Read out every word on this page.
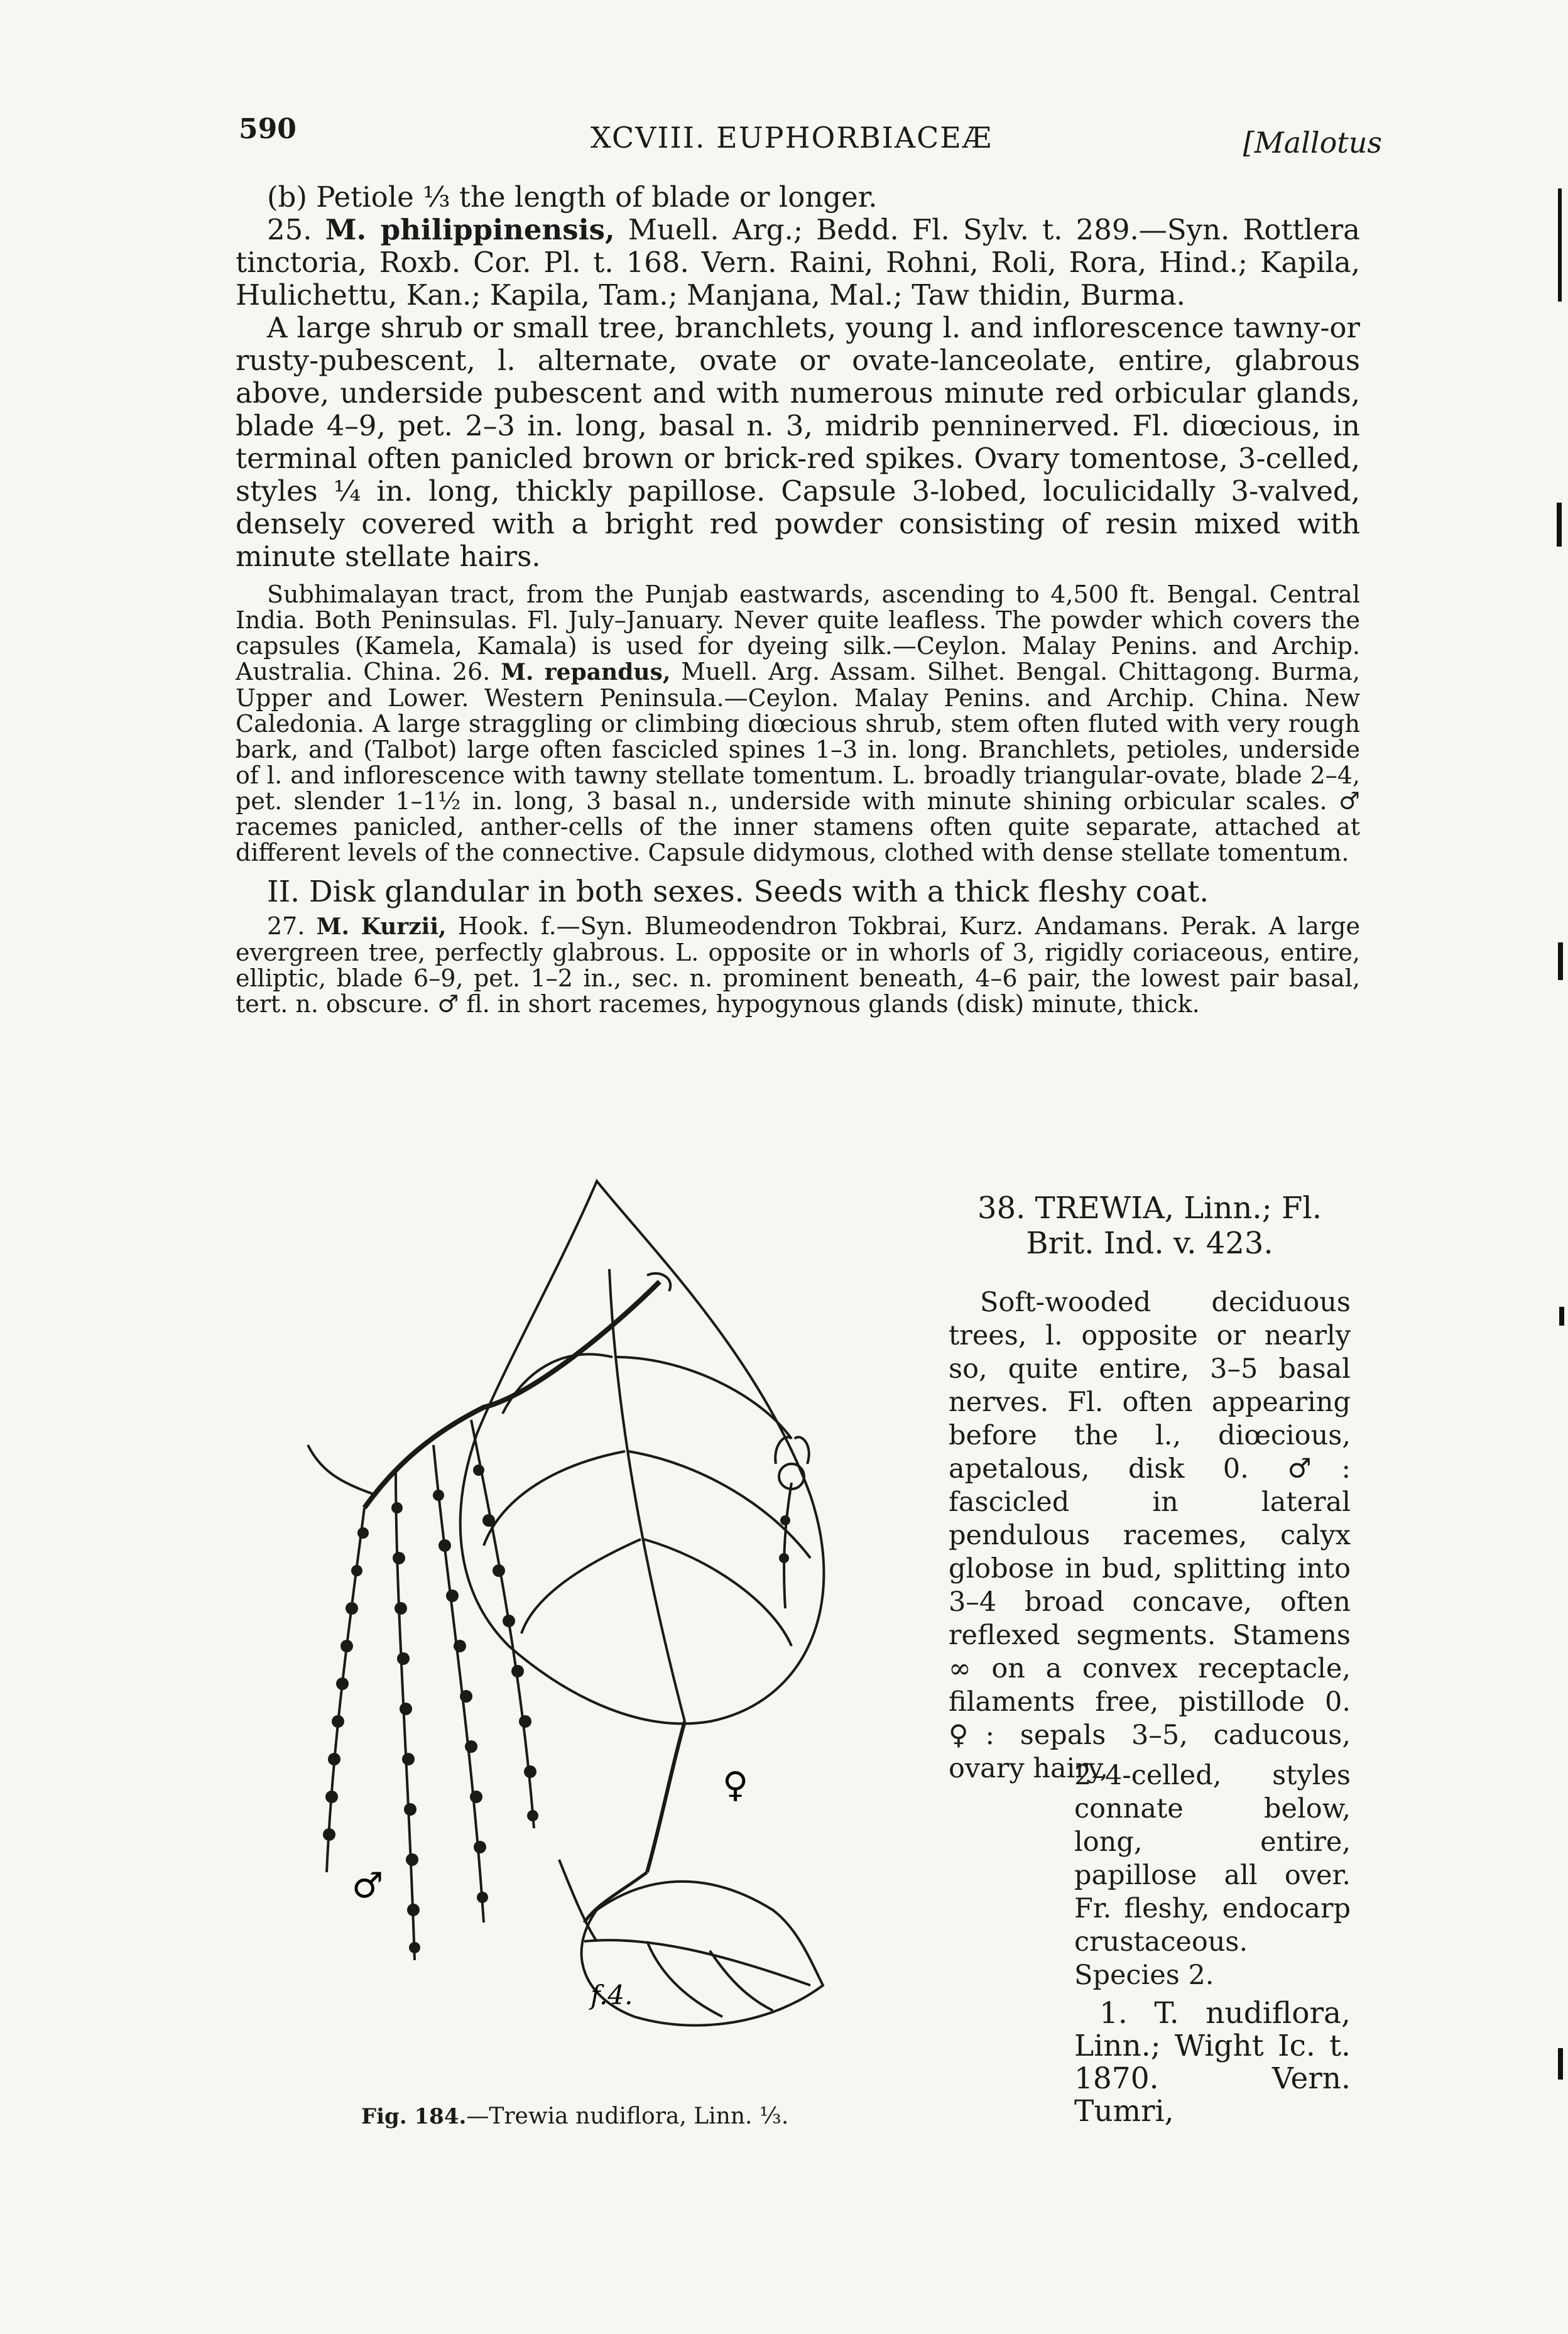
590	XCVIII. EUPHORBIACEÆ	[Mallotus

(b) Petiole ⅓ the length of blade or longer.

25. M. philippinensis, Muell. Arg.; Bedd. Fl. Sylv. t. 289.—Syn. Rottlera tinctoria, Roxb. Cor. Pl. t. 168. Vern. Raini, Rohni, Roli, Rora, Hind.; Kapila, Hulichettu, Kan.; Kapila, Tam.; Manjana, Mal.; Taw thidin, Burma.

A large shrub or small tree, branchlets, young l. and inflorescence tawny-or rusty-pubescent, l. alternate, ovate or ovate-lanceolate, entire, glabrous above, underside pubescent and with numerous minute red orbicular glands, blade 4–9, pet. 2–3 in. long, basal n. 3, midrib penninerved. Fl. diœcious, in terminal often panicled brown or brick-red spikes. Ovary tomentose, 3-celled, styles ¼ in. long, thickly papillose. Capsule 3-lobed, loculicidally 3-valved, densely covered with a bright red powder consisting of resin mixed with minute stellate hairs.

Subhimalayan tract, from the Punjab eastwards, ascending to 4,500 ft. Bengal. Central India. Both Peninsulas. Fl. July–January. Never quite leafless. The powder which covers the capsules (Kamela, Kamala) is used for dyeing silk.—Ceylon. Malay Penins. and Archip. Australia. China. 26. M. repandus, Muell. Arg. Assam. Silhet. Bengal. Chittagong. Burma, Upper and Lower. Western Peninsula.—Ceylon. Malay Penins. and Archip. China. New Caledonia. A large straggling or climbing diœcious shrub, stem often fluted with very rough bark, and (Talbot) large often fascicled spines 1–3 in. long. Branchlets, petioles, underside of l. and inflorescence with tawny stellate tomentum. L. broadly triangular-ovate, blade 2–4, pet. slender 1–1½ in. long, 3 basal n., underside with minute shining orbicular scales. ♂ racemes panicled, anther-cells of the inner stamens often quite separate, attached at different levels of the connective. Capsule didymous, clothed with dense stellate tomentum.

II. Disk glandular in both sexes. Seeds with a thick fleshy coat.

27. M. Kurzii, Hook. f.—Syn. Blumeodendron Tokbrai, Kurz. Andamans. Perak. A large evergreen tree, perfectly glabrous. L. opposite or in whorls of 3, rigidly coriaceous, entire, elliptic, blade 6–9, pet. 1–2 in., sec. n. prominent beneath, 4–6 pair, the lowest pair basal, tert. n. obscure. ♂ fl. in short racemes, hypogynous glands (disk) minute, thick.

38. TREWIA, Linn.; Fl.
Brit. Ind. v. 423.

Soft-wooded deciduous trees, l. opposite or nearly so, quite entire, 3–5 basal nerves. Fl. often appearing before the l., diœcious, apetalous, disk 0. ♂: fascicled in lateral pendulous racemes, calyx globose in bud, splitting into 3–4 broad concave, often reflexed segments. Stamens ∞ on a convex receptacle, filaments free, pistillode 0. ♀: sepals 3–5, caducous, ovary hairy,

2–4-celled, styles connate below, long, entire, papillose all over. Fr. fleshy, endocarp crustaceous. Species 2.

1. T. nudiflora, Linn.; Wight Ic. t. 1870. Vern. Tumri,

♀
♂
f.4.
Fig. 184.—Trewia nudiflora, Linn. ⅓.
